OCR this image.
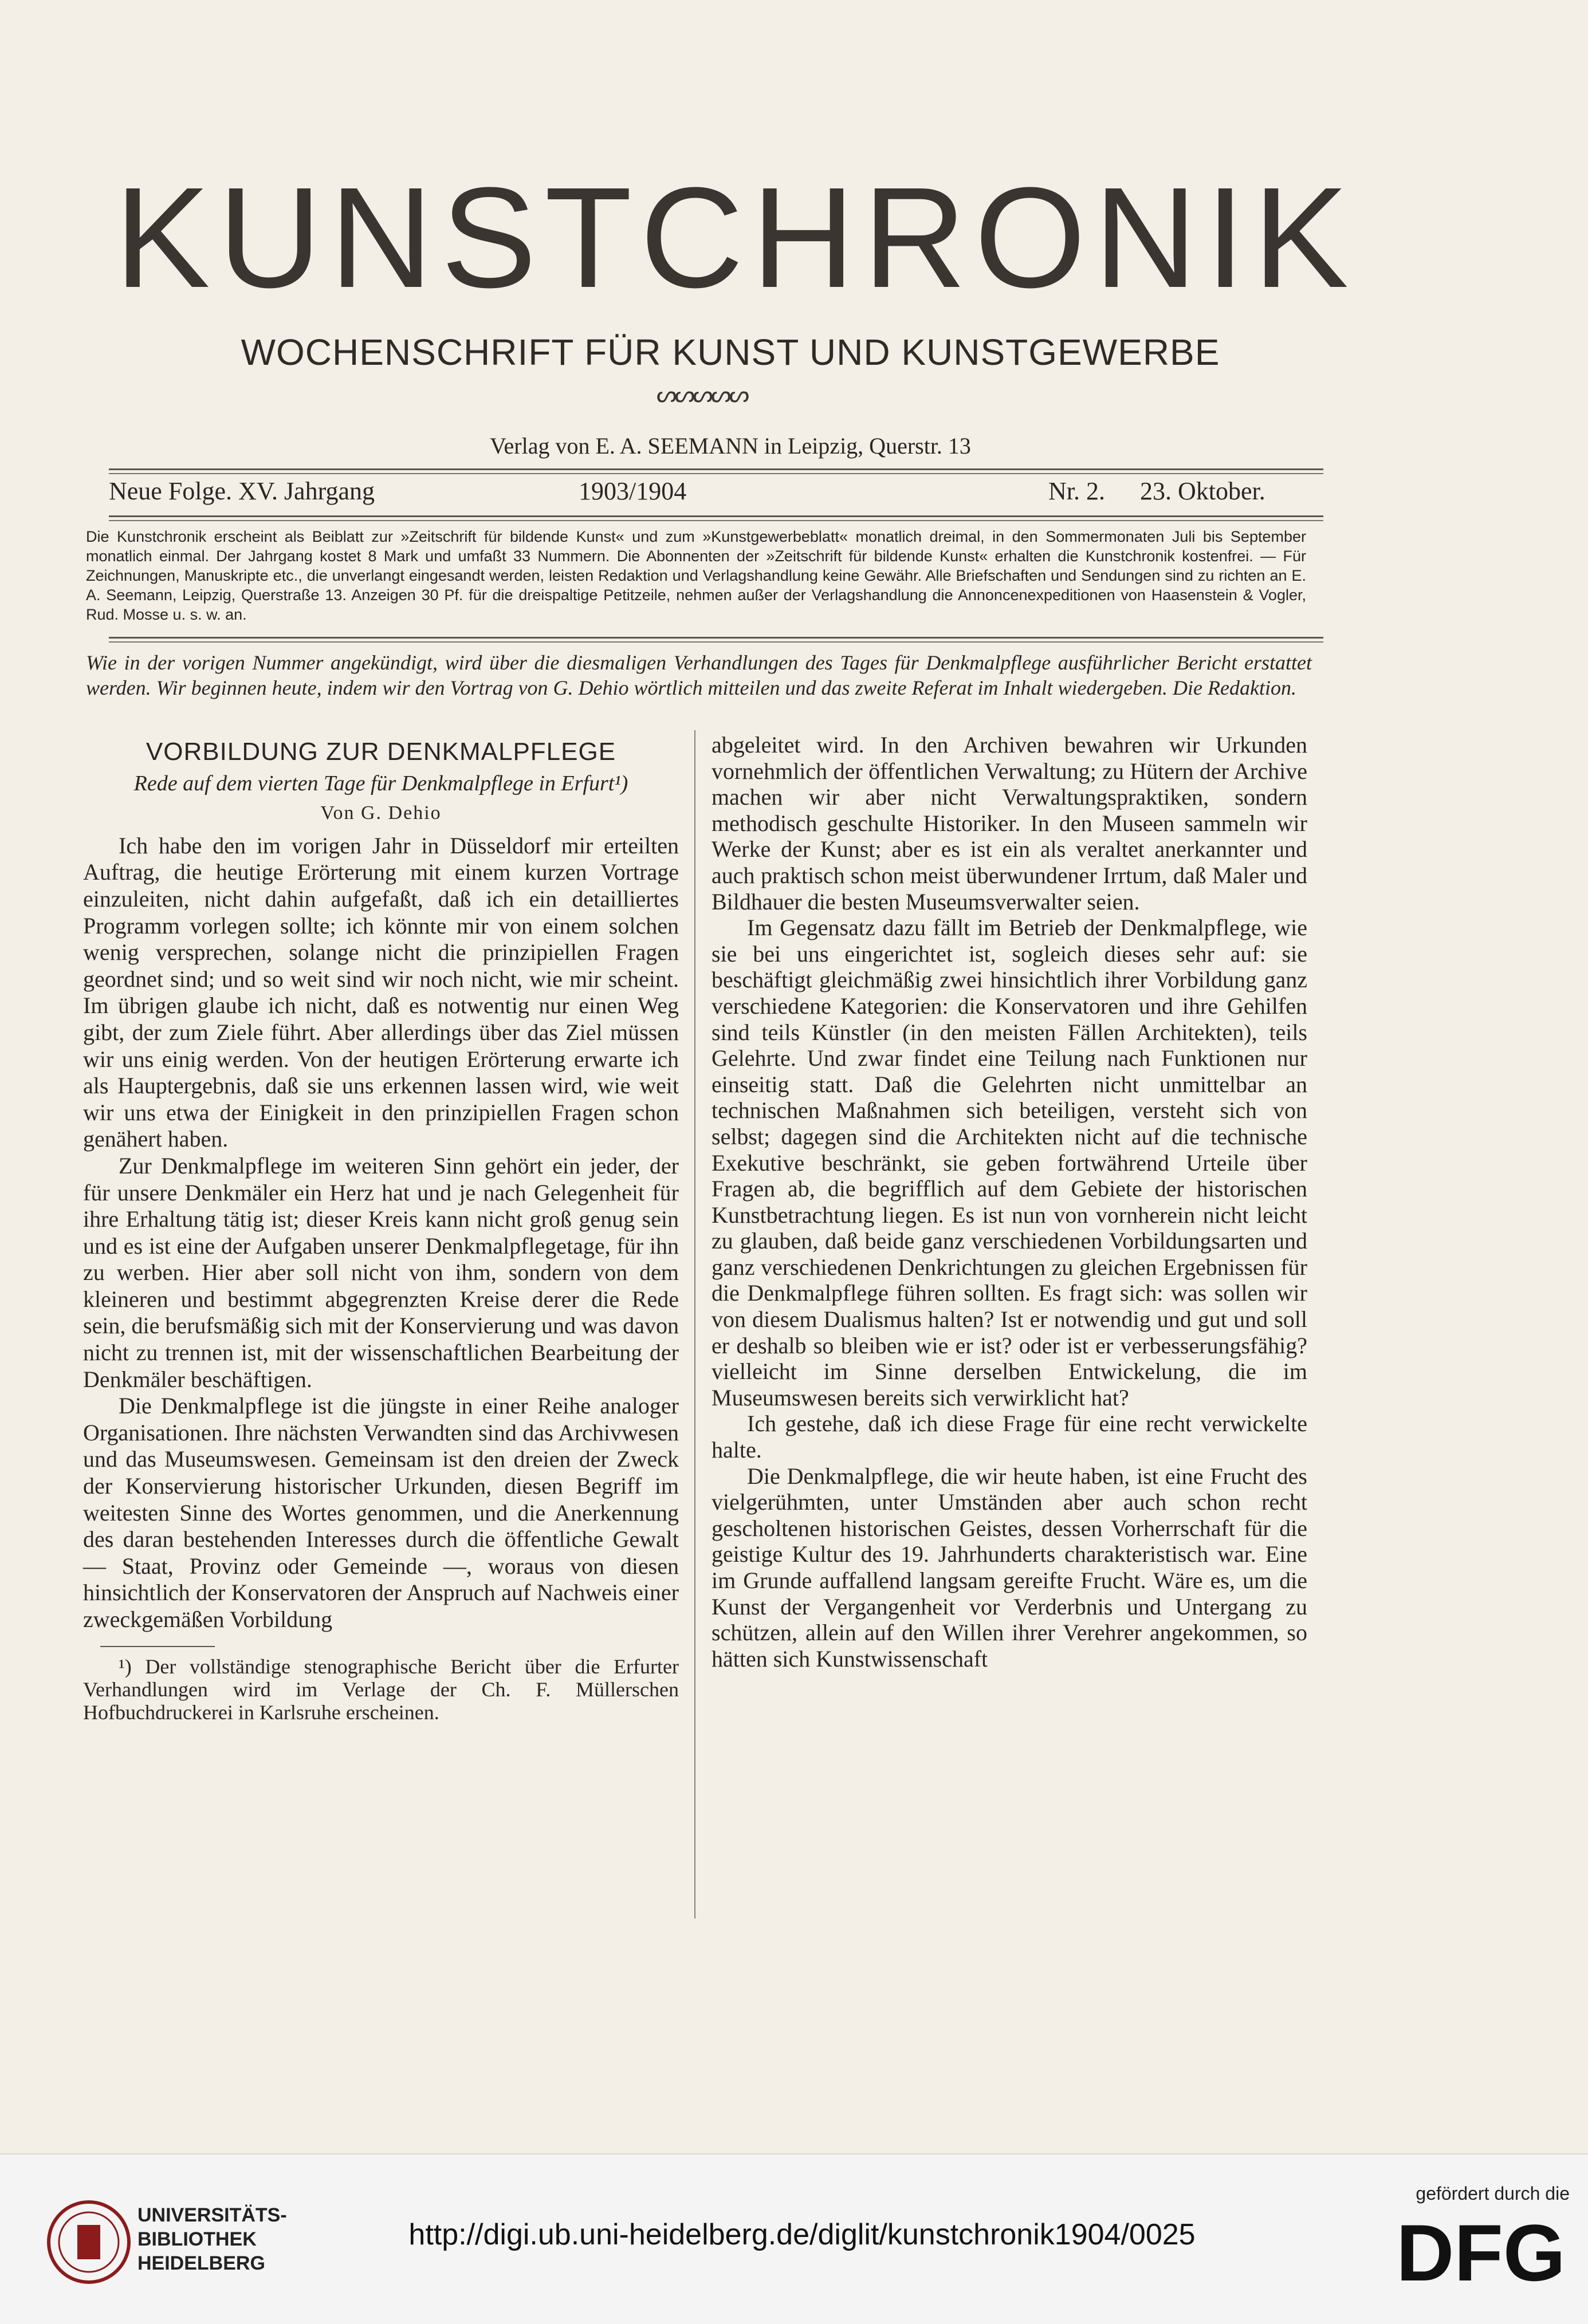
KUNSTCHRONIK
WOCHENSCHRIFT FÜR KUNST UND KUNSTGEWERBE
ᔕᔕᔕᔕᔕ
Verlag von E. A. SEEMANN in Leipzig, Querstr. 13
Neue Folge. XV. Jahrgang	1903/1904	Nr. 2. 23. Oktober.
Die Kunstchronik erscheint als Beiblatt zur »Zeitschrift für bildende Kunst« und zum »Kunstgewerbeblatt« monatlich dreimal, in den Sommermonaten Juli bis September monatlich einmal. Der Jahrgang kostet 8 Mark und umfaßt 33 Nummern. Die Abonnenten der »Zeitschrift für bildende Kunst« erhalten die Kunstchronik kostenfrei. — Für Zeichnungen, Manuskripte etc., die unverlangt eingesandt werden, leisten Redaktion und Verlagshandlung keine Gewähr. Alle Briefschaften und Sendungen sind zu richten an E. A. Seemann, Leipzig, Querstraße 13. Anzeigen 30 Pf. für die dreispaltige Petitzeile, nehmen außer der Verlagshandlung die Annoncenexpeditionen von Haasenstein & Vogler, Rud. Mosse u. s. w. an.
Wie in der vorigen Nummer angekündigt, wird über die diesmaligen Verhandlungen des Tages für Denkmalpflege ausführlicher Bericht erstattet werden. Wir beginnen heute, indem wir den Vortrag von G. Dehio wörtlich mitteilen und das zweite Referat im Inhalt wiedergeben. Die Redaktion.
VORBILDUNG ZUR DENKMALPFLEGE
Rede auf dem vierten Tage für Denkmalpflege in Erfurt¹)
Von G. Dehio

Ich habe den im vorigen Jahr in Düsseldorf mir erteilten Auftrag, die heutige Erörterung mit einem kurzen Vortrage einzuleiten, nicht dahin aufgefaßt, daß ich ein detailliertes Programm vorlegen sollte; ich könnte mir von einem solchen wenig versprechen, solange nicht die prinzipiellen Fragen geordnet sind; und so weit sind wir noch nicht, wie mir scheint. Im übrigen glaube ich nicht, daß es notwentig nur einen Weg gibt, der zum Ziele führt. Aber allerdings über das Ziel müssen wir uns einig werden. Von der heutigen Erörterung erwarte ich als Hauptergebnis, daß sie uns erkennen lassen wird, wie weit wir uns etwa der Einigkeit in den prinzipiellen Fragen schon genähert haben.

Zur Denkmalpflege im weiteren Sinn gehört ein jeder, der für unsere Denkmäler ein Herz hat und je nach Gelegenheit für ihre Erhaltung tätig ist; dieser Kreis kann nicht groß genug sein und es ist eine der Aufgaben unserer Denkmalpflegetage, für ihn zu werben. Hier aber soll nicht von ihm, sondern von dem kleineren und bestimmt abgegrenzten Kreise derer die Rede sein, die berufsmäßig sich mit der Konservierung und was davon nicht zu trennen ist, mit der wissenschaftlichen Bearbeitung der Denkmäler beschäftigen.

Die Denkmalpflege ist die jüngste in einer Reihe analoger Organisationen. Ihre nächsten Verwandten sind das Archivwesen und das Museumswesen. Gemeinsam ist den dreien der Zweck der Konservierung historischer Urkunden, diesen Begriff im weitesten Sinne des Wortes genommen, und die Anerkennung des daran bestehenden Interesses durch die öffentliche Gewalt — Staat, Provinz oder Gemeinde —, woraus von diesen hinsichtlich der Konservatoren der Anspruch auf Nachweis einer zweckgemäßen Vorbildung

¹) Der vollständige stenographische Bericht über die Erfurter Verhandlungen wird im Verlage der Ch. F. Müllerschen Hofbuchdruckerei in Karlsruhe erscheinen.

abgeleitet wird. In den Archiven bewahren wir Urkunden vornehmlich der öffentlichen Verwaltung; zu Hütern der Archive machen wir aber nicht Verwaltungspraktiken, sondern methodisch geschulte Historiker. In den Museen sammeln wir Werke der Kunst; aber es ist ein als veraltet anerkannter und auch praktisch schon meist überwundener Irrtum, daß Maler und Bildhauer die besten Museumsverwalter seien.

Im Gegensatz dazu fällt im Betrieb der Denkmalpflege, wie sie bei uns eingerichtet ist, sogleich dieses sehr auf: sie beschäftigt gleichmäßig zwei hinsichtlich ihrer Vorbildung ganz verschiedene Kategorien: die Konservatoren und ihre Gehilfen sind teils Künstler (in den meisten Fällen Architekten), teils Gelehrte. Und zwar findet eine Teilung nach Funktionen nur einseitig statt. Daß die Gelehrten nicht unmittelbar an technischen Maßnahmen sich beteiligen, versteht sich von selbst; dagegen sind die Architekten nicht auf die technische Exekutive beschränkt, sie geben fortwährend Urteile über Fragen ab, die begrifflich auf dem Gebiete der historischen Kunstbetrachtung liegen. Es ist nun von vornherein nicht leicht zu glauben, daß beide ganz verschiedenen Vorbildungsarten und ganz verschiedenen Denkrichtungen zu gleichen Ergebnissen für die Denkmalpflege führen sollten. Es fragt sich: was sollen wir von diesem Dualismus halten? Ist er notwendig und gut und soll er deshalb so bleiben wie er ist? oder ist er verbesserungsfähig? vielleicht im Sinne derselben Entwickelung, die im Museumswesen bereits sich verwirklicht hat?

Ich gestehe, daß ich diese Frage für eine recht verwickelte halte.

Die Denkmalpflege, die wir heute haben, ist eine Frucht des vielgerühmten, unter Umständen aber auch schon recht gescholtenen historischen Geistes, dessen Vorherrschaft für die geistige Kultur des 19. Jahrhunderts charakteristisch war. Eine im Grunde auffallend langsam gereifte Frucht. Wäre es, um die Kunst der Vergangenheit vor Verderbnis und Untergang zu schützen, allein auf den Willen ihrer Verehrer angekommen, so hätten sich Kunstwissenschaft

UNIVERSITÄTS-
BIBLIOTHEK
HEIDELBERG
http://digi.ub.uni-heidelberg.de/diglit/kunstchronik1904/0025
gefördert durch die
DFG
